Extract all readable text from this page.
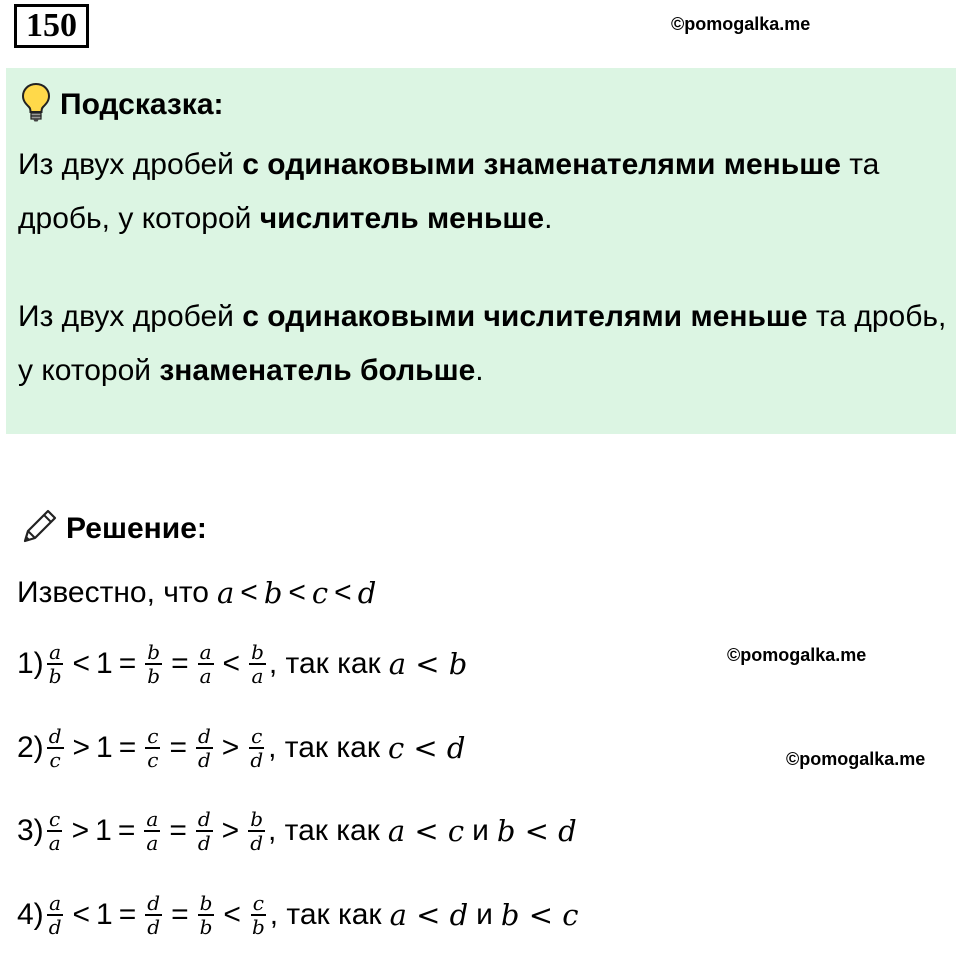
150	©pomogalka.me
Подсказка:

Из двух дробей с одинаковыми знаменателями меньше та дробь, у которой числитель меньше.

Из двух дробей с одинаковыми числителями меньше та дробь, у которой знаменатель больше.

Решение:
Известно, что a < b < c < d
©pomogalka.me
©pomogalka.me
$1) \frac{a}{b} < 1 = \frac{b}{b} = \frac{a}{a} < \frac{b}{a}$ , так как a < b
$2) \frac{d}{c} > 1 = \frac{c}{c} = \frac{d}{d} > \frac{c}{d}$ , так как c < d
$3) \frac{c}{a} > 1 = \frac{a}{a} = \frac{d}{d} > \frac{b}{d}$ , так как a < c и b < d
$4) \frac{a}{d} < 1 = \frac{d}{d} = \frac{b}{b} < \frac{c}{b}$ , так как a < d и b < c
